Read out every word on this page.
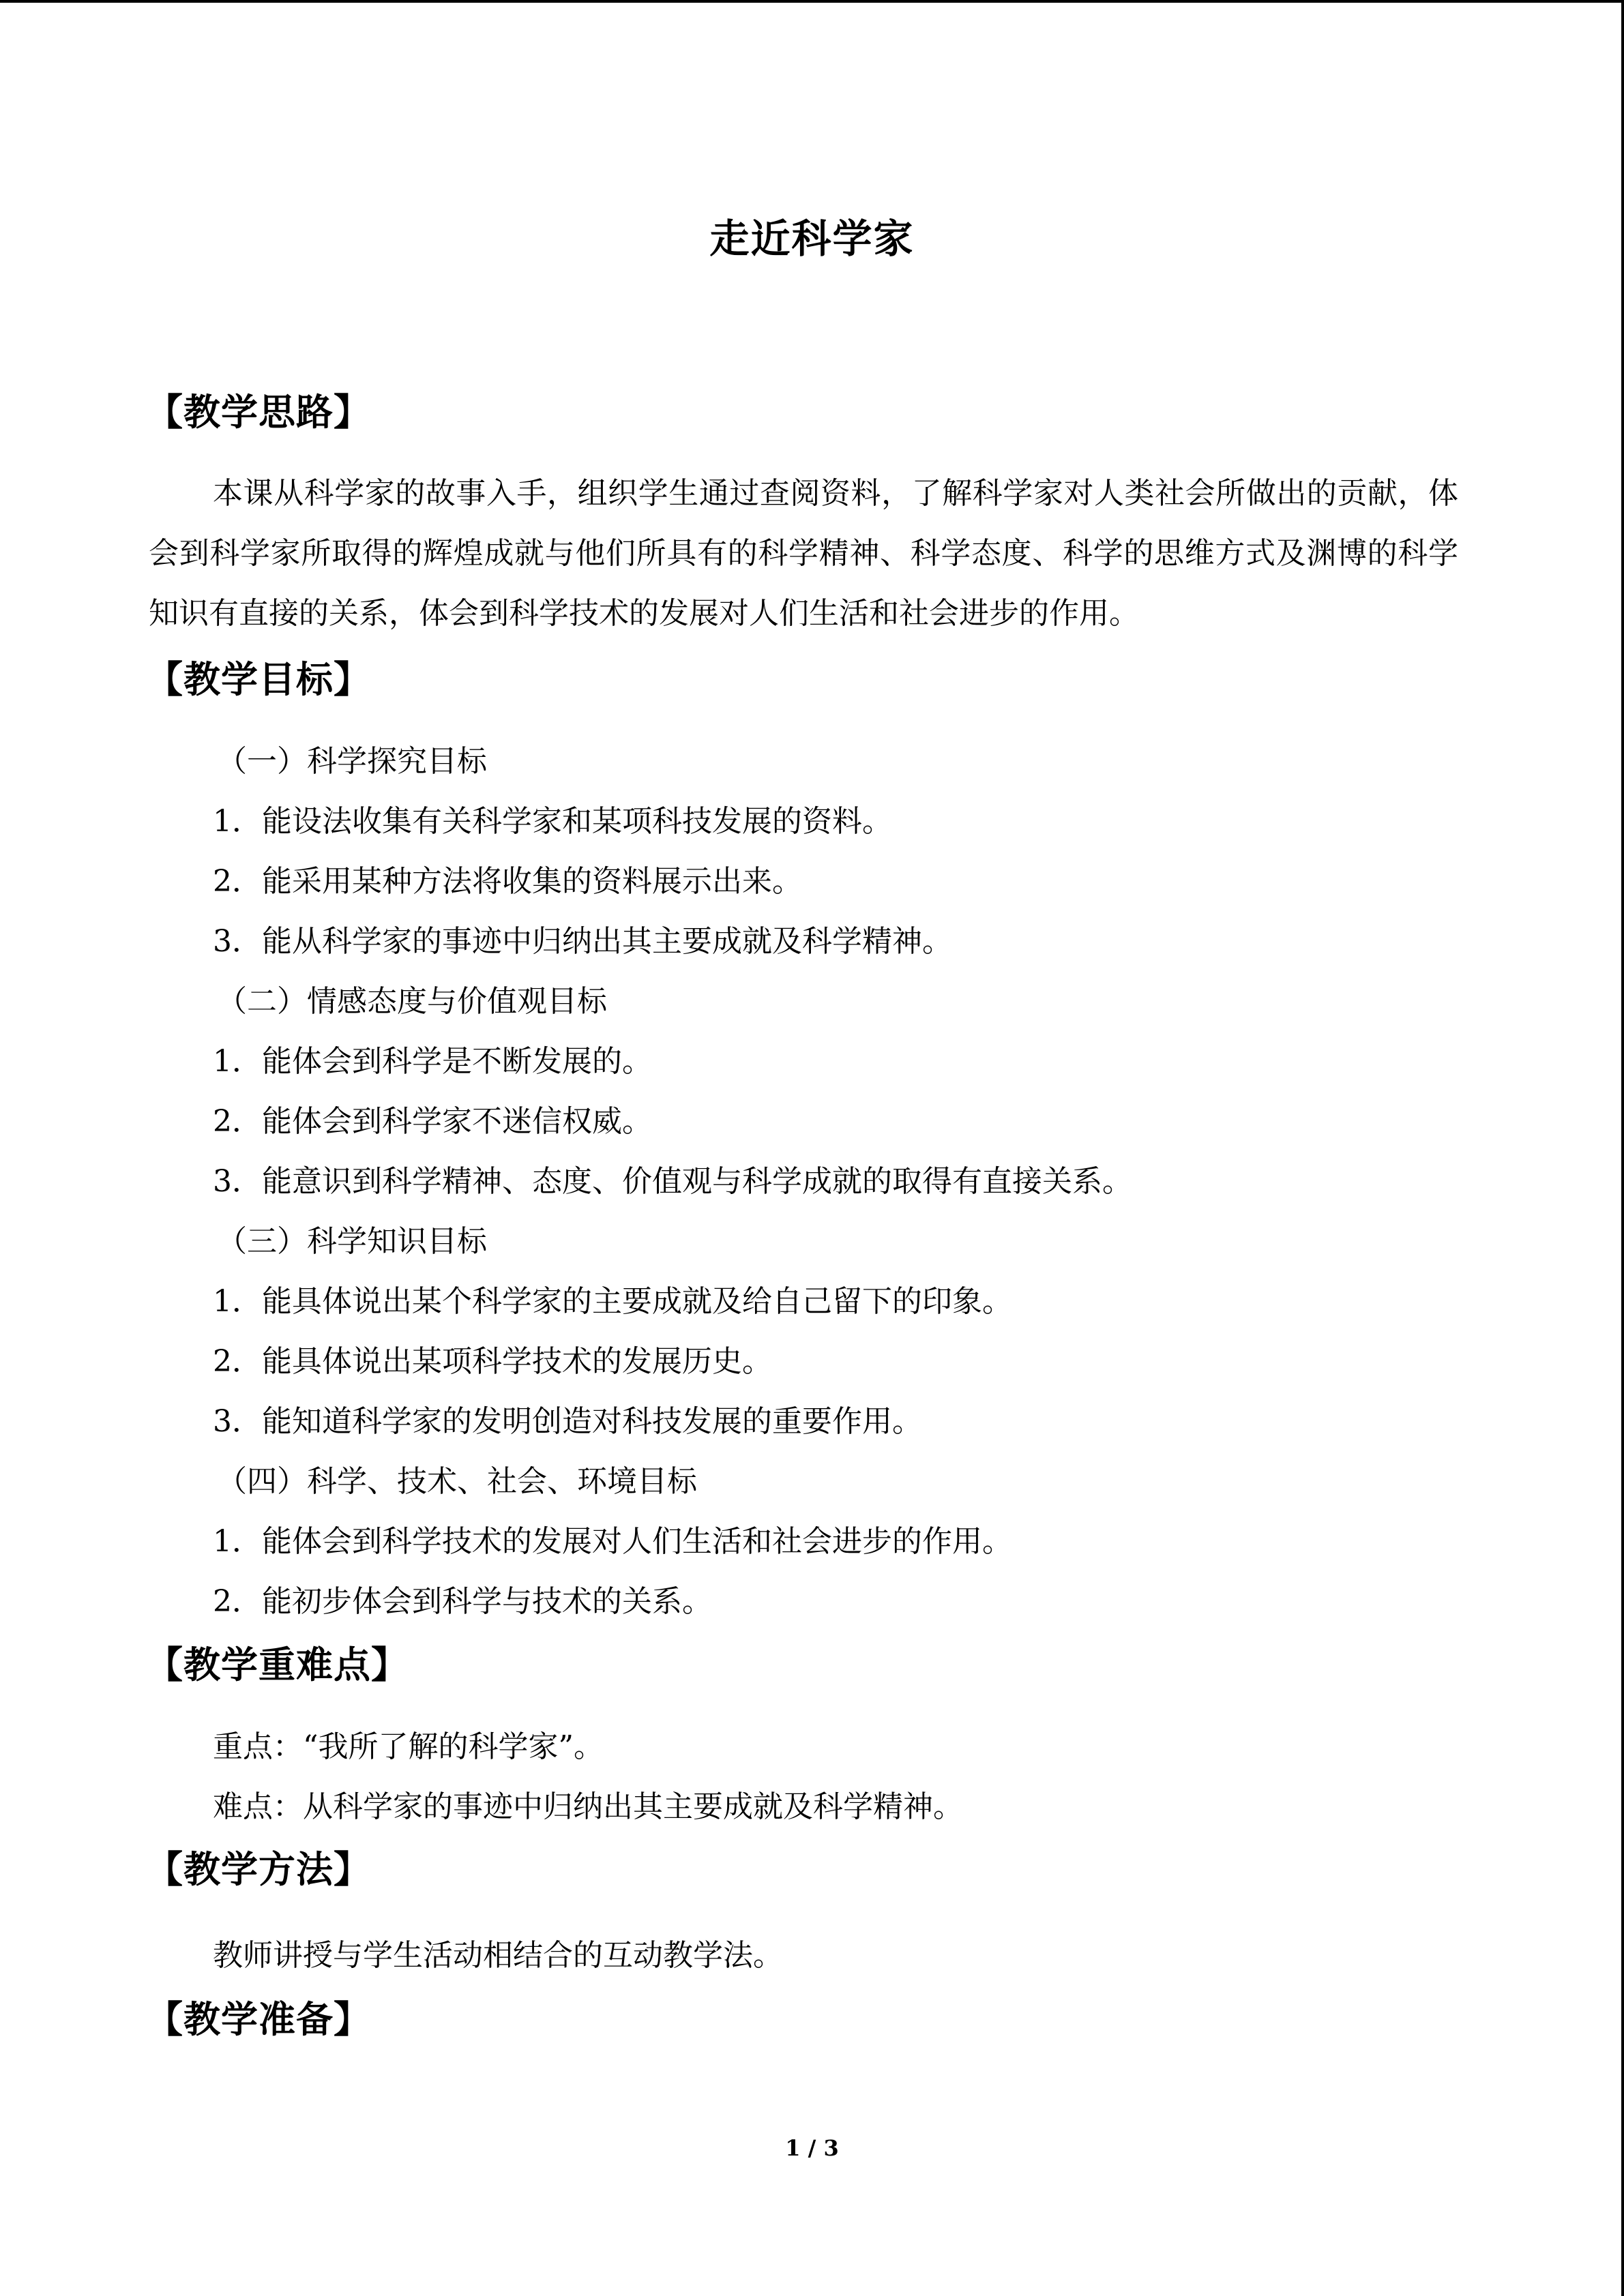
走近科学家
【教学思路】
本课从科学家的故事入手，组织学生通过查阅资料，了解科学家对人类社会所做出的贡献，体会到科学家所取得的辉煌成就与他们所具有的科学精神、科学态度、科学的思维方式及渊博的科学知识有直接的关系，体会到科学技术的发展对人们生活和社会进步的作用。
【教学目标】
（一）科学探究目标
1．能设法收集有关科学家和某项科技发展的资料。
2．能采用某种方法将收集的资料展示出来。
3．能从科学家的事迹中归纳出其主要成就及科学精神。
（二）情感态度与价值观目标
1．能体会到科学是不断发展的。
2．能体会到科学家不迷信权威。
3．能意识到科学精神、态度、价值观与科学成就的取得有直接关系。
（三）科学知识目标
1．能具体说出某个科学家的主要成就及给自己留下的印象。
2．能具体说出某项科学技术的发展历史。
3．能知道科学家的发明创造对科技发展的重要作用。
（四）科学、技术、社会、环境目标
1．能体会到科学技术的发展对人们生活和社会进步的作用。
2．能初步体会到科学与技术的关系。
【教学重难点】
重点：“我所了解的科学家”。
难点：从科学家的事迹中归纳出其主要成就及科学精神。
【教学方法】
教师讲授与学生活动相结合的互动教学法。
【教学准备】
1 / 3
